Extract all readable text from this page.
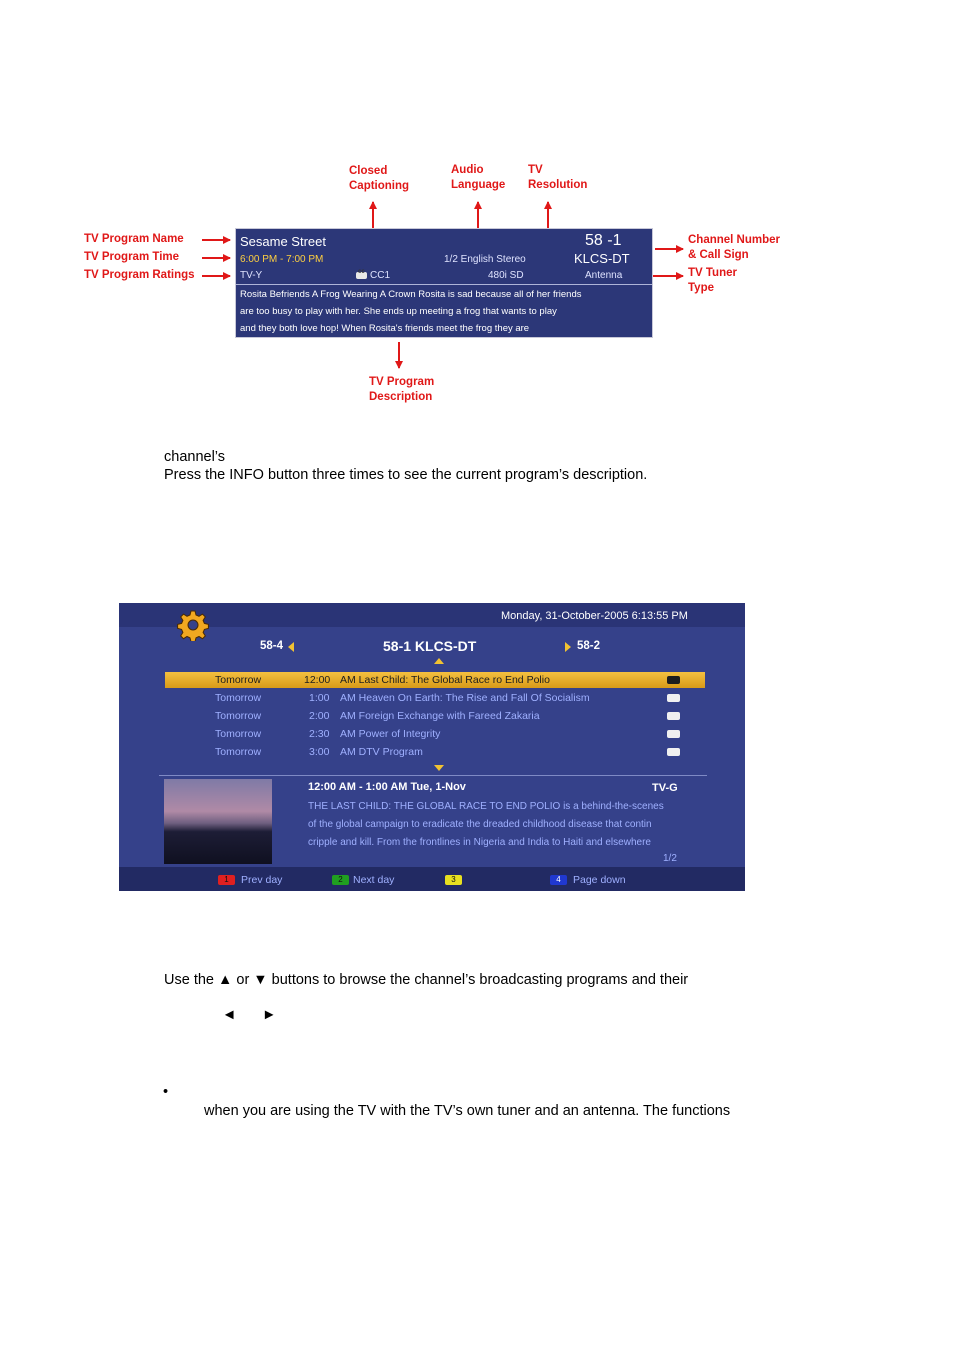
Closed
Captioning
Audio
Language
TV
Resolution
TV Program Name
TV Program Time
TV Program Ratings
Channel Number
& Call Sign
TV Tuner
Type
TV Program
Description
Sesame Street
6:00 PM - 7:00 PM
TV-Y
cc	CC1
1/2 English Stereo
480i SD
58 -1
KLCS-DT
Antenna
Rosita Befriends A Frog Wearing A Crown Rosita is sad because all of her friends
are too busy to play with her. She ends up meeting a frog that wants to play
and they both love hop! When Rosita's friends meet the frog they are
channel’s
Press the INFO button three times to see the current program’s description.
Monday, 31-October-2005 6:13:55 PM
58-4	58-1 KLCS-DT	58-2
Tomorrow	12:00 AM Last Child: The Global Race ro End Polio
Tomorrow	1:00 AM Heaven On Earth: The Rise and Fall Of Socialism
Tomorrow	2:00 AM Foreign Exchange with Fareed Zakaria
Tomorrow	2:30 AM Power of Integrity
Tomorrow	3:00 AM DTV Program
12:00 AM - 1:00 AM Tue, 1-Nov	TV-G
THE LAST CHILD: THE GLOBAL RACE TO END POLIO is a behind-the-scenes
of the global campaign to eradicate the dreaded childhood disease that contin
cripple and kill. From the frontlines in Nigeria and India to Haiti and elsewhere
1/2
1	Prev day	2 Next day	3	4	Page down
Use the ▲ or ▼ buttons to browse the channel’s broadcasting programs and their
◄ ►
•
when you are using the TV with the TV’s own tuner and an antenna. The functions
